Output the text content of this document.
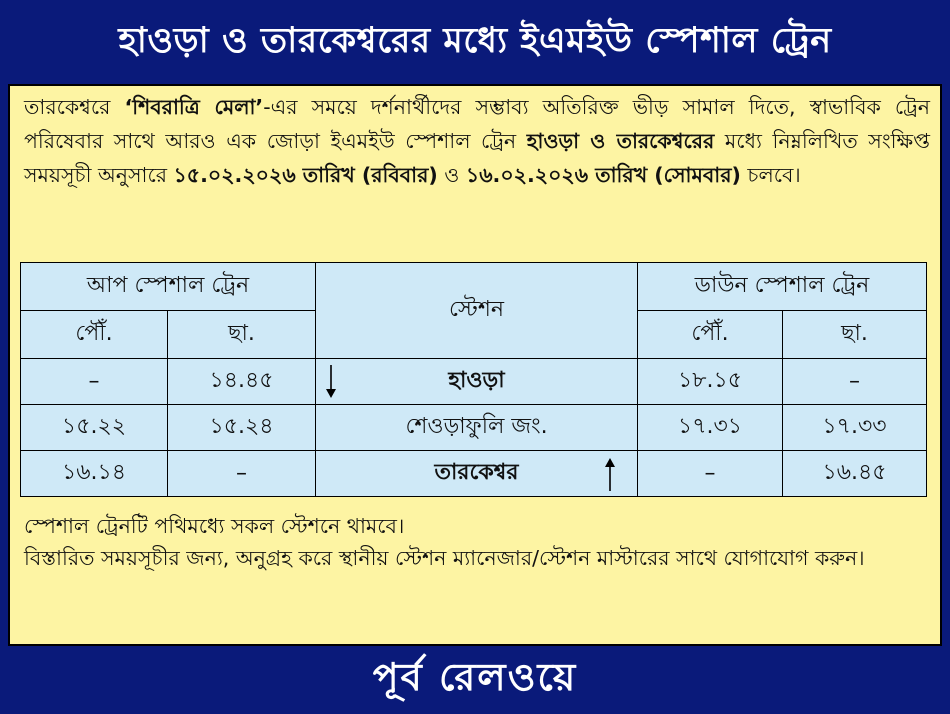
হাওড়া ও তারকেশ্বরের মধ্যে ইএমইউ স্পেশাল ট্রেন
তারকেশ্বরে ‘শিবরাত্রি মেলা’-এর সময়ে দর্শনার্থীদের সম্ভাব্য অতিরিক্ত ভীড় সামাল দিতে, স্বাভাবিক ট্রেন পরিষেবার সাথে আরও এক জোড়া ইএমইউ স্পেশাল ট্রেন হাওড়া ও তারকেশ্বরের মধ্যে নিম্নলিখিত সংক্ষিপ্ত সময়সূচী অনুসারে ১৫.০২.২০২৬ তারিখ (রবিবার) ও ১৬.০২.২০২৬ তারিখ (সোমবার) চলবে।
আপ স্পেশাল ট্রেন		স্টেশন	ডাউন স্পেশাল ট্রেন	
পৌঁ.	ছা.		পৌঁ.	ছা.
–	১৪.৪৫	হাওড়া	১৮.১৫	–
১৫.২২	১৫.২৪	শেওড়াফুলি জং.	১৭.৩১	১৭.৩৩
১৬.১৪	–	তারকেশ্বর	–	১৬.৪৫
স্পেশাল ট্রেনটি পথিমধ্যে সকল স্টেশনে থামবে।
বিস্তারিত সময়সূচীর জন্য, অনুগ্রহ করে স্থানীয় স্টেশন ম্যানেজার/স্টেশন মাস্টারের সাথে যোগাযোগ করুন।
পূর্ব রেলওয়ে
